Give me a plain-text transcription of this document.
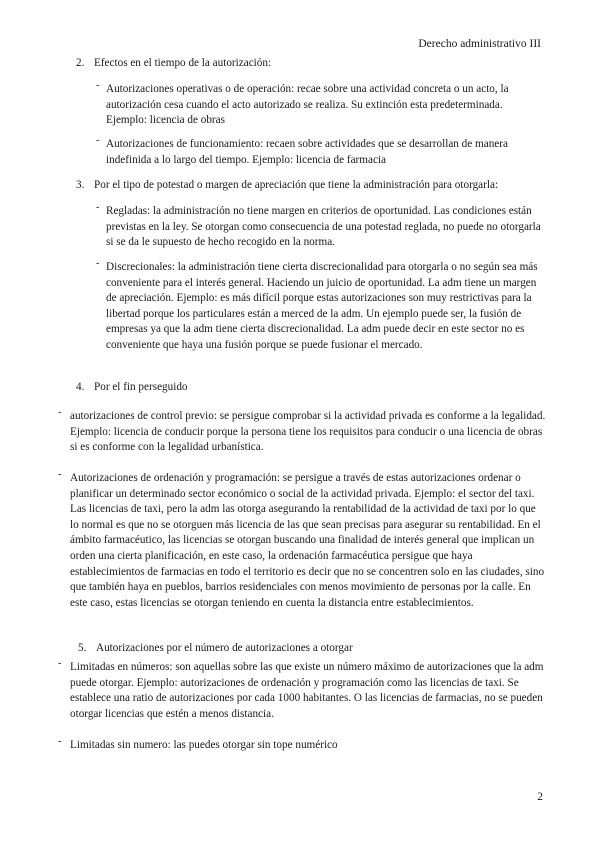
Derecho administrativo III
2. Efectos en el tiempo de la autorización:
- Autorizaciones operativas o de operación: recae sobre una actividad concreta o un acto, la autorización cesa cuando el acto autorizado se realiza. Su extinción esta predeterminada. Ejemplo: licencia de obras
- Autorizaciones de funcionamiento: recaen sobre actividades que se desarrollan de manera indefinida a lo largo del tiempo. Ejemplo: licencia de farmacia
3. Por el tipo de potestad o margen de apreciación que tiene la administración para otorgarla:
- Regladas: la administración no tiene margen en criterios de oportunidad. Las condiciones están previstas en la ley. Se otorgan como consecuencia de una potestad reglada, no puede no otorgarla si se da le supuesto de hecho recogido en la norma.
- Discrecionales: la administración tiene cierta discrecionalidad para otorgarla o no según sea más conveniente para el interés general. Haciendo un juicio de oportunidad. La adm tiene un margen de apreciación. Ejemplo: es más difícil porque estas autorizaciones son muy restrictivas para la libertad porque los particulares están a merced de la adm. Un ejemplo puede ser, la fusión de empresas ya que la adm tiene cierta discrecionalidad. La adm puede decir en este sector no es conveniente que haya una fusión porque se puede fusionar el mercado.
4. Por el fin perseguido
- autorizaciones de control previo: se persigue comprobar si la actividad privada es conforme a la legalidad. Ejemplo: licencia de conducir porque la persona tiene los requisitos para conducir o una licencia de obras si es conforme con la legalidad urbanística.
- Autorizaciones de ordenación y programación: se persigue a través de estas autorizaciones ordenar o planificar un determinado sector económico o social de la actividad privada. Ejemplo: el sector del taxi. Las licencias de taxi, pero la adm las otorga asegurando la rentabilidad de la actividad de taxi por lo que lo normal es que no se otorguen más licencia de las que sean precisas para asegurar su rentabilidad. En el ámbito farmacéutico, las licencias se otorgan buscando una finalidad de interés general que implican un orden una cierta planificación, en este caso, la ordenación farmacéutica persigue que haya establecimientos de farmacias en todo el territorio es decir que no se concentren solo en las ciudades, sino que también haya en pueblos, barrios residenciales con menos movimiento de personas por la calle. En este caso, estas licencias se otorgan teniendo en cuenta la distancia entre establecimientos.
5. Autorizaciones por el número de autorizaciones a otorgar
- Limitadas en números: son aquellas sobre las que existe un número máximo de autorizaciones que la adm puede otorgar. Ejemplo: autorizaciones de ordenación y programación como las licencias de taxi. Se establece una ratio de autorizaciones por cada 1000 habitantes. O las licencias de farmacias, no se pueden otorgar licencias que estén a menos distancia.
- Limitadas sin numero: las puedes otorgar sin tope numérico
2
